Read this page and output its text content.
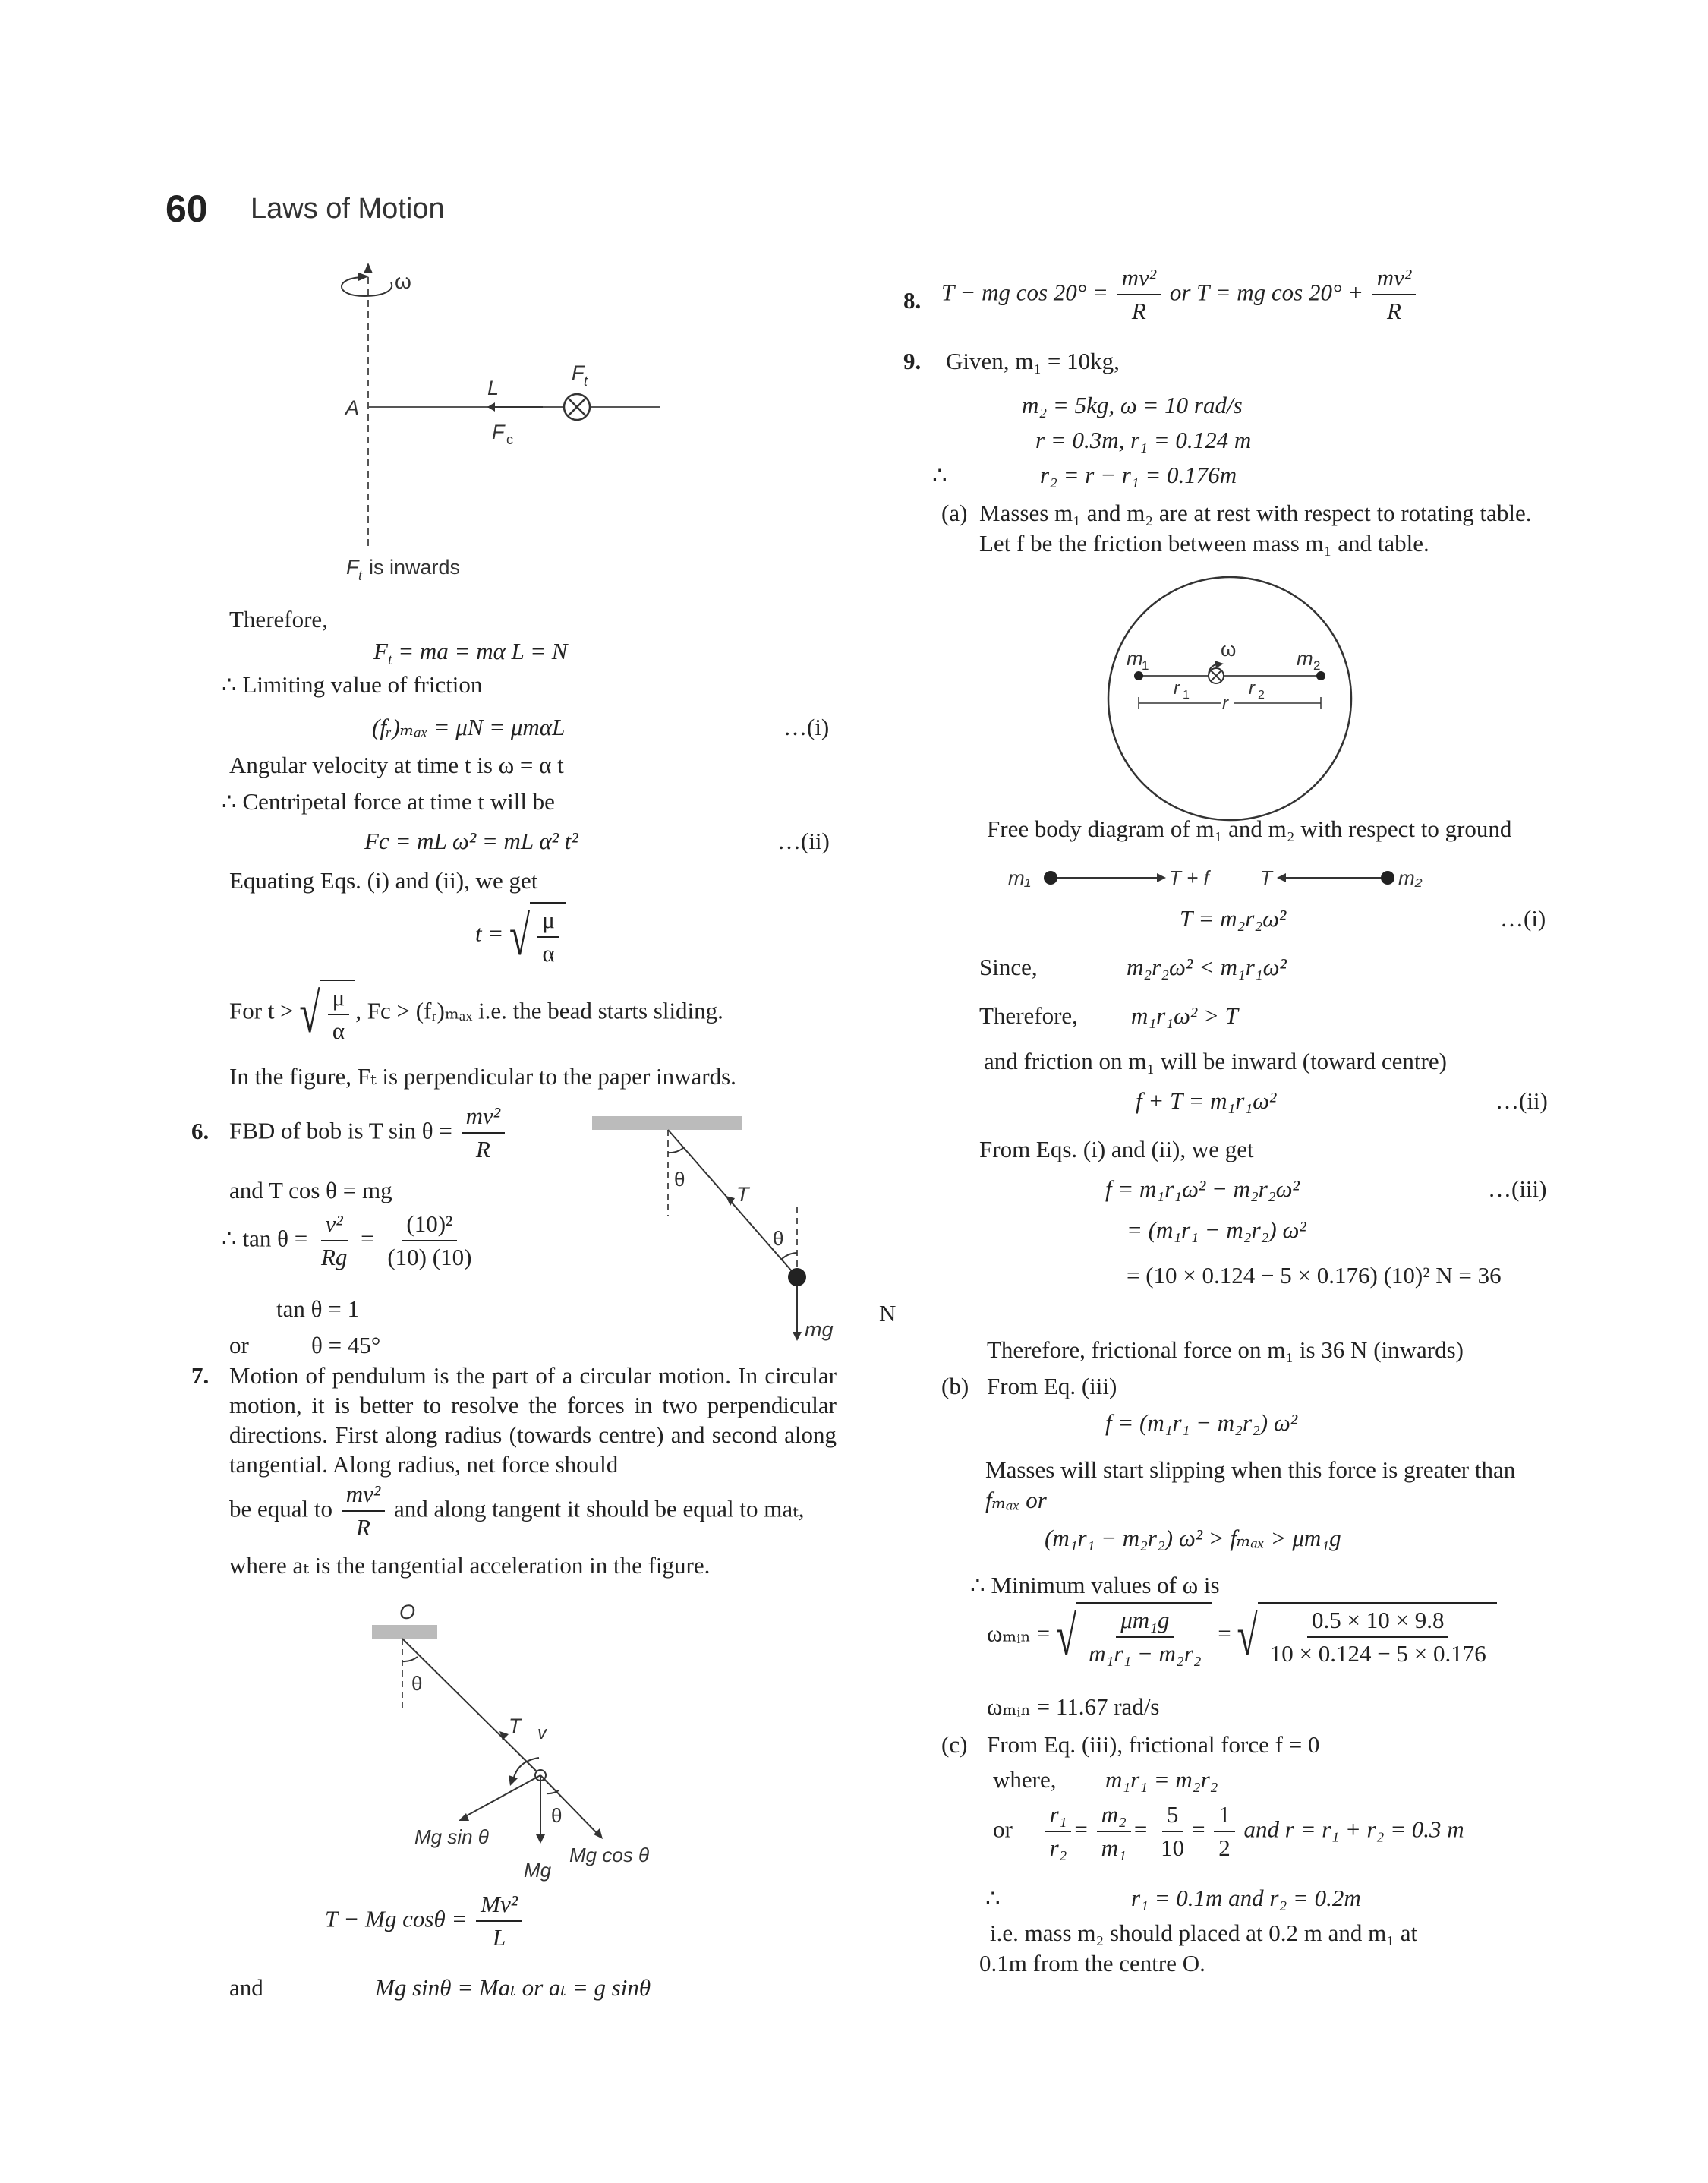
60 Laws of Motion
ω
A
L
F c
F t
F t is inwards
Therefore,
$F_t$ = ma = mα L = N
∴ Limiting value of friction
(fᵣ)ₘₐₓ = μN = μmαL	…(i)
Angular velocity at time t is ω = α t
∴ Centripetal force at time t will be
Fc = mL ω² = mL α² t²	…(ii)
Equating Eqs. (i) and (ii), we get
t = √ $\frac{\mu}{\alpha}$
For t > √ $\frac{\mu}{\alpha}$ , Fc > (fᵣ)ₘₐₓ i.e. the bead starts sliding.
In the figure, Fₜ is perpendicular to the paper inwards.
6. FBD of bob is T $\sin \theta = \frac{\text{mv²}}{R}$
and T cos θ = mg
∴ $\tan \theta = \frac{\text{v²}}{Rg} = \frac{\text{(10)²}}{(10) (10)}$
tan θ = 1
or	θ = 45°
θ
T
θ
mg
7. Motion of pendulum is the part of a circular motion. In circular motion, it is better to resolve the forces in two perpendicular directions. First along radius (towards centre) and second along tangential. Along radius, net force should
be equal to $\frac{\text{mv²}}{R}$ and along tangent it should be equal to maₜ,
where aₜ is the tangential acceleration in the figure.
O
θ
T v
θ
Mg sin θ
Mg cos θ
Mg
T − Mg $\cos\theta = \frac{\text{Mv²}}{L}$
and	Mg sinθ = Maₜ or aₜ = g sinθ
8. T − mg $\cos 20^\circ = \frac{\text{mv²}}{R}$ or T = mg $\cos 20^\circ + \frac{\text{mv²}}{R}$
9. Given, m₁ = 10kg,
m₂ = 5kg, ω = 10 rad/s
r = 0.3m, r₁ = 0.124 m
∴	r₂ = r − r₁ = 0.176m
(a) Masses m₁ and m₂ are at rest with respect to rotating table.
Let f be the friction between mass m₁ and table.
ω
m
1	m 2
r 1	r 2
r
Free body diagram of m₁ and m₂ with respect to ground
m₁	T + f	T	m₂
T = m₂r₂ω²	…(i)
Since,	m₂r₂ω² < m₁r₁ω²
Therefore, m₁r₁ω² > T
and friction on m₁ will be inward (toward centre)
f + T = m₁r₁ω²	…(ii)
From Eqs. (i) and (ii), we get
f = m₁r₁ω² − m₂r₂ω²	…(iii)
= (m₁r₁ − m₂r₂) ω²
= (10 × 0.124 − 5 × 0.176) (10)² N = 36
N
Therefore, frictional force on m₁ is 36 N (inwards)
(b) From Eq. (iii)
f = (m₁r₁ − m₂r₂) ω²
Masses will start slipping when this force is greater than
fₘₐₓ or
(m₁r₁ − m₂r₂) ω² > fₘₐₓ > μm₁g
∴ Minimum values of ω is
ωₘᵢₙ = √ $\frac{\text{μm₁g}}{\text{m₁r₁ − m₂r₂}}$ = √ $\frac{0.5 \times 10 \times 9.8}{10 \times 0.124 - 5 \times 0.176}$
ωₘᵢₙ = 11.67 rad/s
(c) From Eq. (iii), frictional force f = 0
where, m₁r₁ = m₂r₂
or $\frac{\text{r₁}}{\text{r₂}} = \frac{\text{m₂}}{\text{m₁}} = \frac{5}{10} = \frac{1}{2}$ and r = r₁ + r₂ = 0.3 m
∴	r₁ = 0.1m and r₂ = 0.2m
i.e. mass m₂ should placed at 0.2 m and m₁ at
0.1m from the centre O.
